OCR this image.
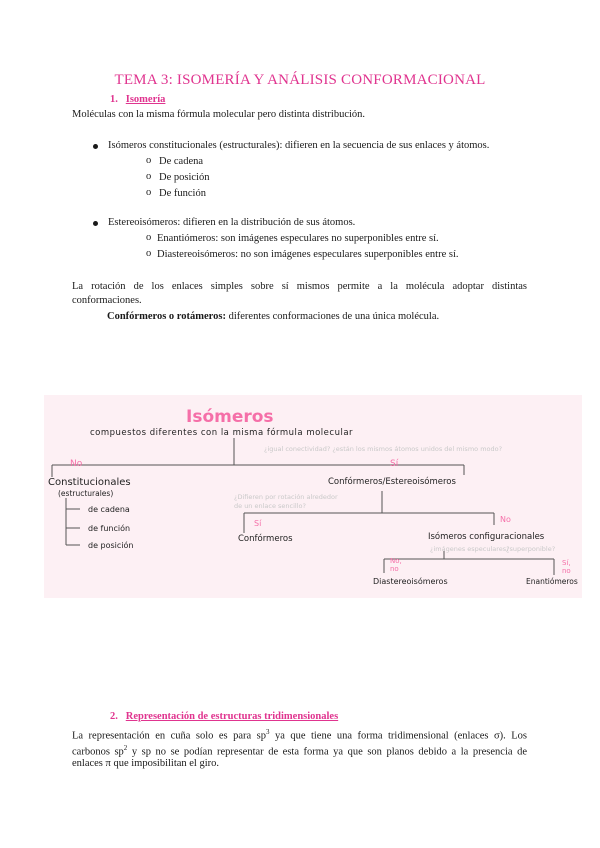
TEMA 3: ISOMERÍA Y ANÁLISIS CONFORMACIONAL
1. Isomería
Moléculas con la misma fórmula molecular pero distinta distribución.
Isómeros constitucionales (estructurales): difieren en la secuencia de sus enlaces y átomos.
o De cadena
o De posición
o De función
Estereoisómeros: difieren en la distribución de sus átomos.
o Enantiómeros: son imágenes especulares no superponibles entre sí.
o Diastereoisómeros: no son imágenes especulares superponibles entre sí.
La rotación de los enlaces simples sobre sí mismos permite a la molécula adoptar distintas
conformaciones.
Confórmeros o rotámeros: diferentes conformaciones de una única molécula.
Isómeros
compuestos diferentes con la misma fórmula molecular
¿igual conectividad? ¿están los mismos átomos unidos del mismo modo?
No	Sí
Constitucionales
(estructurales)
de cadena
de función
de posición
Confórmeros/Estereoisómeros
¿Difieren por rotación alrededor
de un enlace sencillo?
Sí	No
Confórmeros	Isómeros configuracionales
¿imágenes especulares?
¿superponible?
No,
no
Sí,
no
Diastereoisómeros	Enantiómeros
2. Representación de estructuras tridimensionales
La representación en cuña solo es para $sp^3$ ya que tiene una forma tridimensional (enlaces σ). Los
carbonos $sp^2$ y sp no se podían representar de esta forma ya que son planos debido a la presencia de
enlaces π que imposibilitan el giro.
